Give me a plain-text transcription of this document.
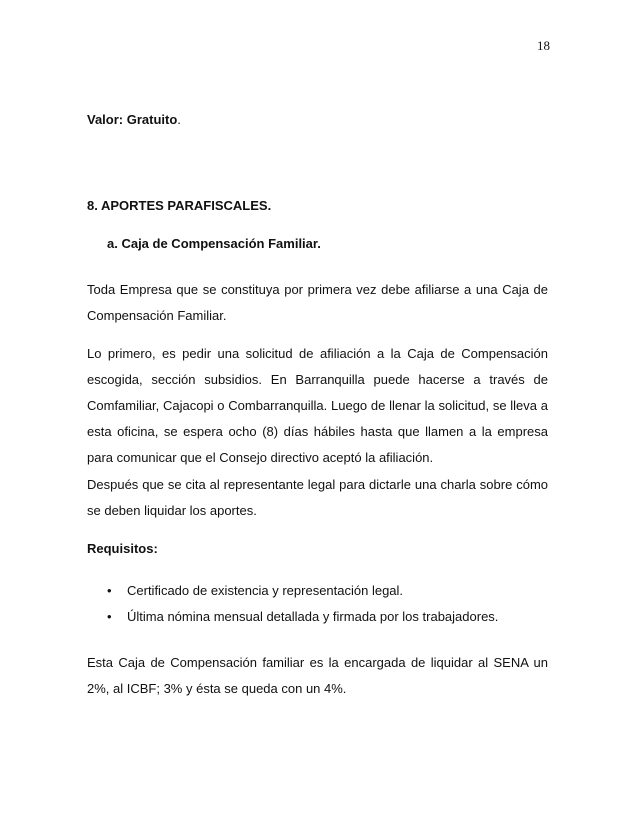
18
Valor: Gratuito.
8. APORTES PARAFISCALES.
a. Caja de Compensación Familiar.
Toda Empresa que se constituya por primera vez debe afiliarse a una Caja de Compensación Familiar.
Lo primero, es pedir una solicitud de afiliación a la Caja de Compensación escogida, sección subsidios. En Barranquilla puede hacerse a través de Comfamiliar, Cajacopi o Combarranquilla. Luego de llenar la solicitud, se lleva a esta oficina, se espera ocho (8) días hábiles hasta que llamen a la empresa para comunicar que el Consejo directivo aceptó la afiliación.
Después que se cita al representante legal para dictarle una charla sobre cómo se deben liquidar los aportes.
Requisitos:
• Certificado de existencia y representación legal.
• Última nómina mensual detallada y firmada por los trabajadores.
Esta Caja de Compensación familiar es la encargada de liquidar al SENA un 2%, al ICBF; 3% y ésta se queda con un 4%.
